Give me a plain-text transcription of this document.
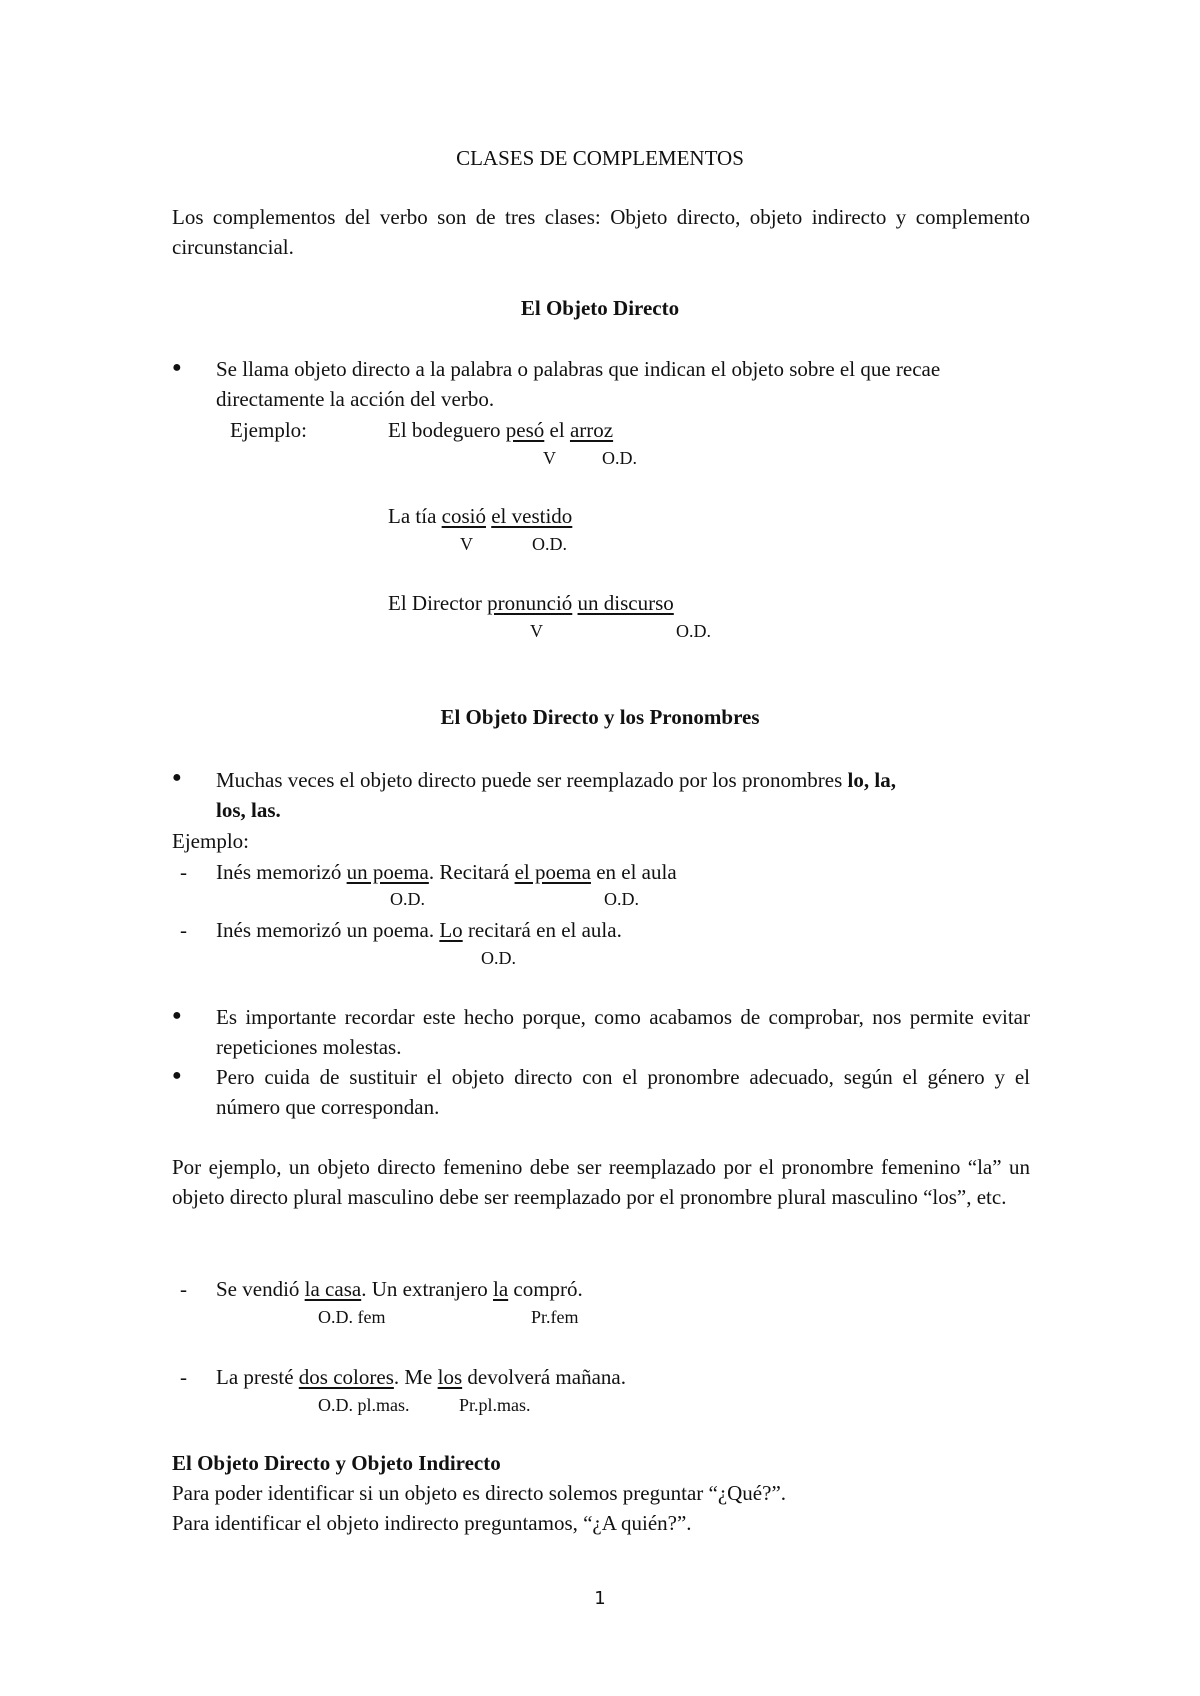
CLASES DE COMPLEMENTOS
Los complementos del verbo son de tres clases: Objeto directo, objeto indirecto y complemento circunstancial.
El Objeto Directo
● Se llama objeto directo a la palabra o palabras que indican el objeto sobre el que recae directamente la acción del verbo.
Ejemplo:	El bodeguero pesó el arroz
V	O.D.
La tía cosió el vestido
V	O.D.
El Director pronunció un discurso
V	O.D.
El Objeto Directo y los Pronombres
● Muchas veces el objeto directo puede ser reemplazado por los pronombres lo, la,
los, las.
Ejemplo:
- Inés memorizó un poema. Recitará el poema en el aula
O.D.	O.D.
- Inés memorizó un poema. Lo recitará en el aula.
O.D.
● Es importante recordar este hecho porque, como acabamos de comprobar, nos permite evitar repeticiones molestas.
● Pero cuida de sustituir el objeto directo con el pronombre adecuado, según el género y el número que correspondan.
Por ejemplo, un objeto directo femenino debe ser reemplazado por el pronombre femenino “la” un objeto directo plural masculino debe ser reemplazado por el pronombre plural masculino “los”, etc.
- Se vendió la casa. Un extranjero la compró.
O.D. fem	Pr.fem
- La presté dos colores. Me los devolverá mañana.
O.D. pl.mas.	Pr.pl.mas.
El Objeto Directo y Objeto Indirecto
Para poder identificar si un objeto es directo solemos preguntar “¿Qué?”.
Para identificar el objeto indirecto preguntamos, “¿A quién?”.
1
